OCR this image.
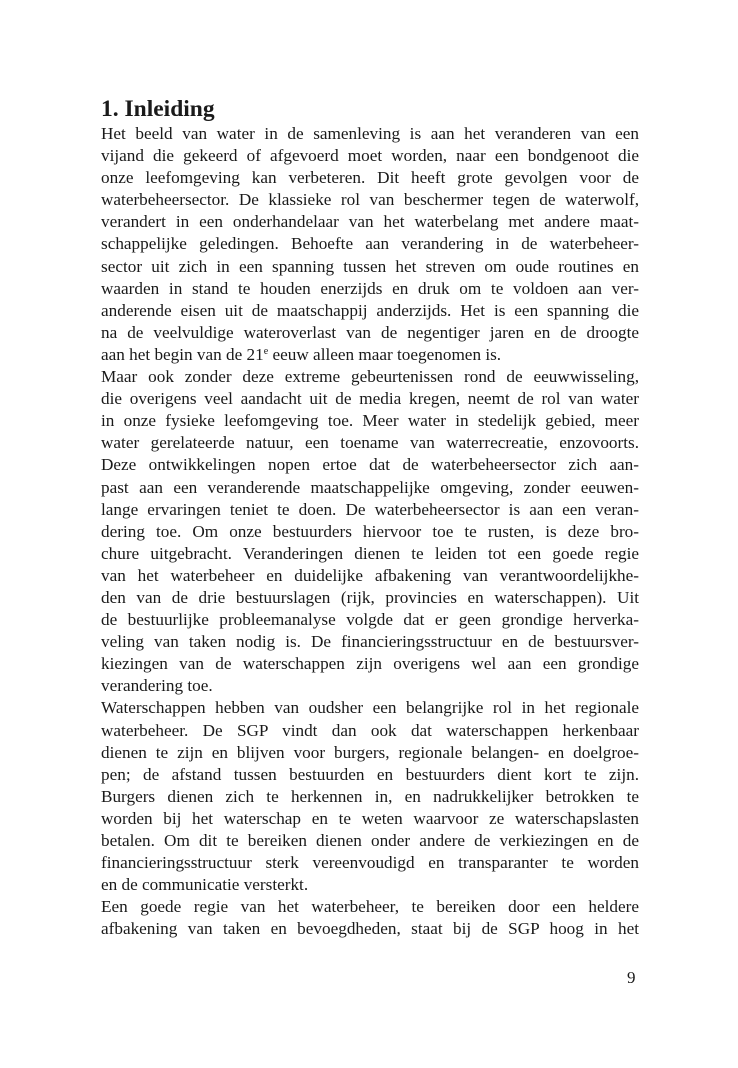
1. Inleiding
Het beeld van water in de samenleving is aan het veranderen van een
vijand die gekeerd of afgevoerd moet worden, naar een bondgenoot die
onze leefomgeving kan verbeteren. Dit heeft grote gevolgen voor de
waterbeheersector. De klassieke rol van beschermer tegen de waterwolf,
verandert in een onderhandelaar van het waterbelang met andere maat-
schappelijke geledingen. Behoefte aan verandering in de waterbeheer-
sector uit zich in een spanning tussen het streven om oude routines en
waarden in stand te houden enerzijds en druk om te voldoen aan ver-
anderende eisen uit de maatschappij anderzijds. Het is een spanning die
na de veelvuldige wateroverlast van de negentiger jaren en de droogte
aan het begin van de 21e eeuw alleen maar toegenomen is.
Maar ook zonder deze extreme gebeurtenissen rond de eeuwwisseling,
die overigens veel aandacht uit de media kregen, neemt de rol van water
in onze fysieke leefomgeving toe. Meer water in stedelijk gebied, meer
water gerelateerde natuur, een toename van waterrecreatie, enzovoorts.
Deze ontwikkelingen nopen ertoe dat de waterbeheersector zich aan-
past aan een veranderende maatschappelijke omgeving, zonder eeuwen-
lange ervaringen teniet te doen. De waterbeheersector is aan een veran-
dering toe. Om onze bestuurders hiervoor toe te rusten, is deze bro-
chure uitgebracht. Veranderingen dienen te leiden tot een goede regie
van het waterbeheer en duidelijke afbakening van verantwoordelijkhe-
den van de drie bestuurslagen (rijk, provincies en waterschappen). Uit
de bestuurlijke probleemanalyse volgde dat er geen grondige herverka-
veling van taken nodig is. De financieringsstructuur en de bestuursver-
kiezingen van de waterschappen zijn overigens wel aan een grondige
verandering toe.
Waterschappen hebben van oudsher een belangrijke rol in het regionale
waterbeheer. De SGP vindt dan ook dat waterschappen herkenbaar
dienen te zijn en blijven voor burgers, regionale belangen- en doelgroe-
pen; de afstand tussen bestuurden en bestuurders dient kort te zijn.
Burgers dienen zich te herkennen in, en nadrukkelijker betrokken te
worden bij het waterschap en te weten waarvoor ze waterschapslasten
betalen. Om dit te bereiken dienen onder andere de verkiezingen en de
financieringsstructuur sterk vereenvoudigd en transparanter te worden
en de communicatie versterkt.
Een goede regie van het waterbeheer, te bereiken door een heldere
afbakening van taken en bevoegdheden, staat bij de SGP hoog in het
9
